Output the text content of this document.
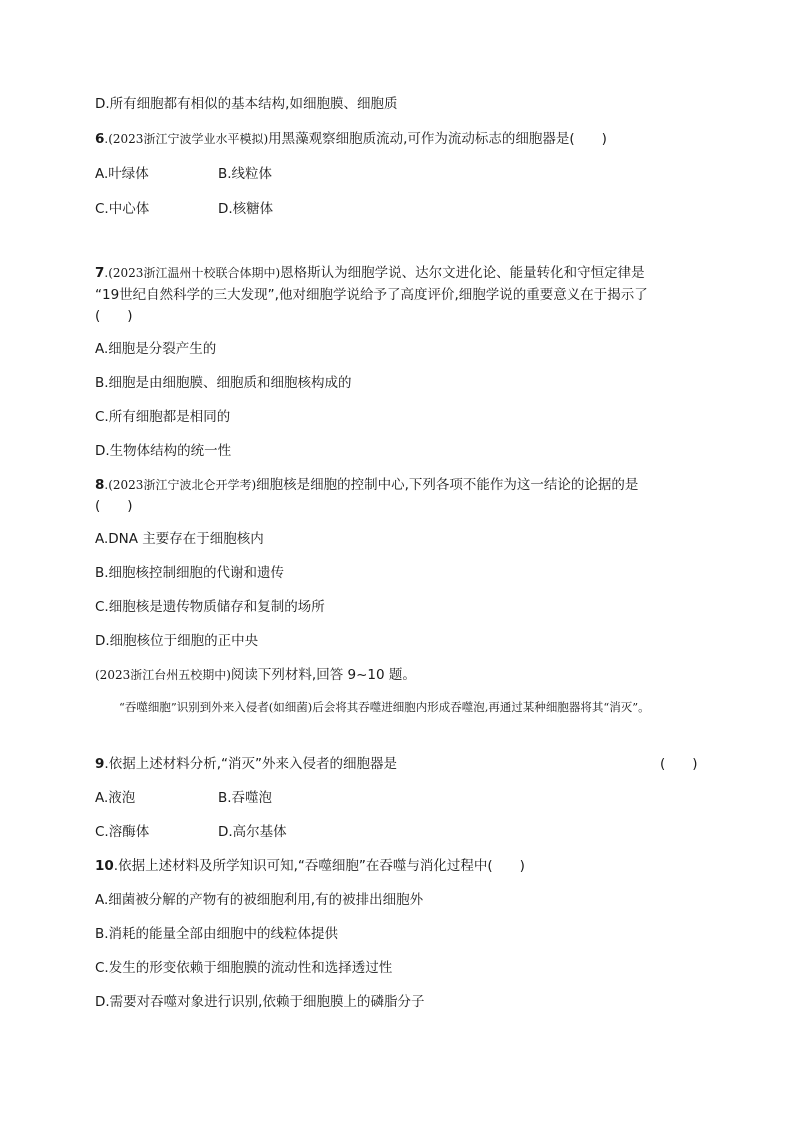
D.所有细胞都有相似的基本结构,如细胞膜、细胞质
6.(2023浙江宁波学业水平模拟)用黑藻观察细胞质流动,可作为流动标志的细胞器是(　　)
A.叶绿体	B.线粒体
C.中心体	D.核糖体
7.(2023浙江温州十校联合体期中)恩格斯认为细胞学说、达尔文进化论、能量转化和守恒定律是
“19世纪自然科学的三大发现”,他对细胞学说给予了高度评价,细胞学说的重要意义在于揭示了
(　　)
A.细胞是分裂产生的
B.细胞是由细胞膜、细胞质和细胞核构成的
C.所有细胞都是相同的
D.生物体结构的统一性
8.(2023浙江宁波北仑开学考)细胞核是细胞的控制中心,下列各项不能作为这一结论的论据的是
(　　)
A.DNA 主要存在于细胞核内
B.细胞核控制细胞的代谢和遗传
C.细胞核是遗传物质储存和复制的场所
D.细胞核位于细胞的正中央
(2023浙江台州五校期中)阅读下列材料,回答 9~10 题。
“吞噬细胞”识别到外来入侵者(如细菌)后会将其吞噬进细胞内形成吞噬泡,再通过某种细胞器将其“消灭”。
9.依据上述材料分析,“消灭”外来入侵者的细胞器是	(　　)
A.液泡	B.吞噬泡
C.溶酶体	D.高尔基体
10.依据上述材料及所学知识可知,“吞噬细胞”在吞噬与消化过程中(　　)
A.细菌被分解的产物有的被细胞利用,有的被排出细胞外
B.消耗的能量全部由细胞中的线粒体提供
C.发生的形变依赖于细胞膜的流动性和选择透过性
D.需要对吞噬对象进行识别,依赖于细胞膜上的磷脂分子
